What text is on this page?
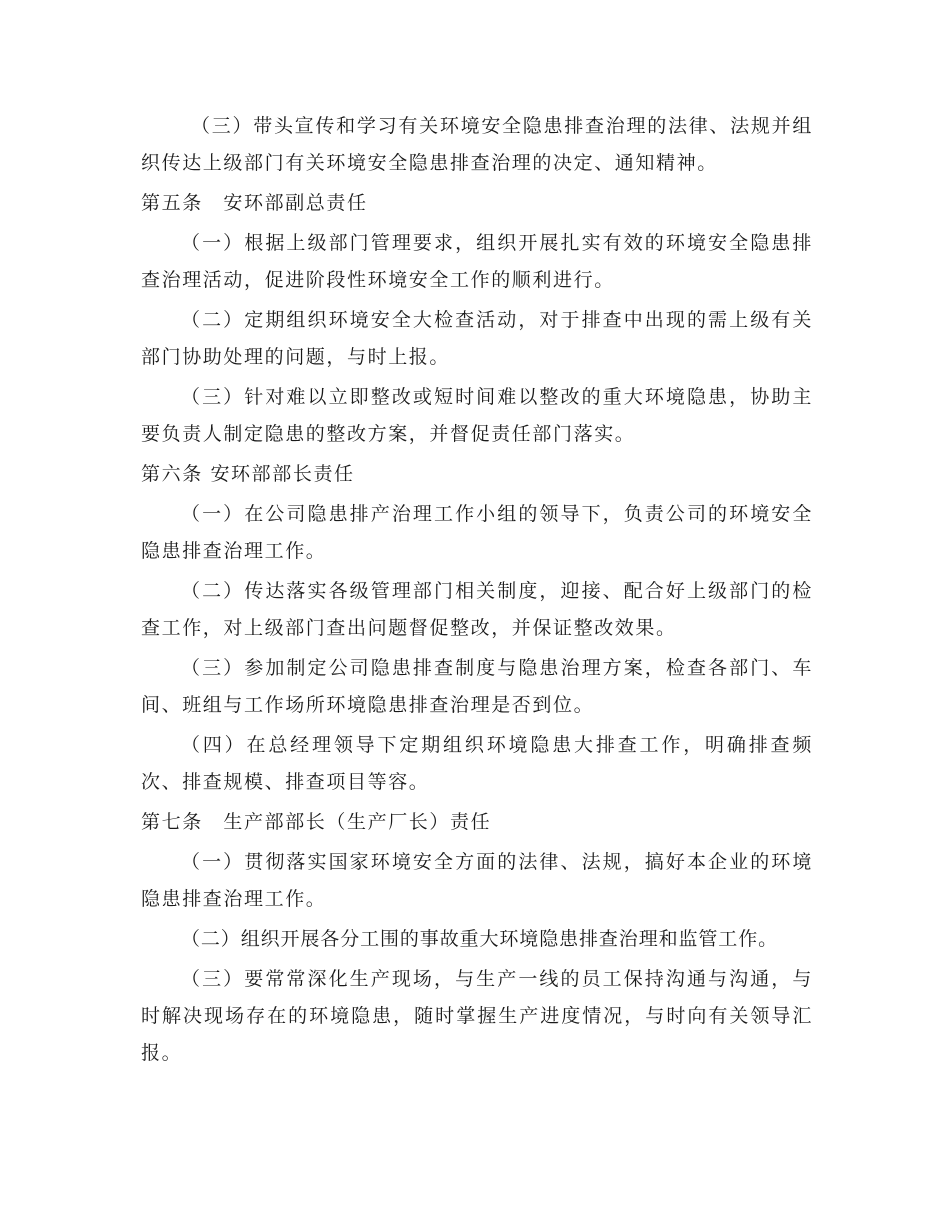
（三）带头宣传和学习有关环境安全隐患排查治理的法律、法规并组织传达上级部门有关环境安全隐患排查治理的决定、通知精神。

第五条　安环部副总责任

（一）根据上级部门管理要求，组织开展扎实有效的环境安全隐患排查治理活动，促进阶段性环境安全工作的顺利进行。

（二）定期组织环境安全大检查活动，对于排查中出现的需上级有关部门协助处理的问题，与时上报。

（三）针对难以立即整改或短时间难以整改的重大环境隐患，协助主要负责人制定隐患的整改方案，并督促责任部门落实。

第六条 安环部部长责任

（一）在公司隐患排产治理工作小组的领导下，负责公司的环境安全隐患排查治理工作。

（二）传达落实各级管理部门相关制度，迎接、配合好上级部门的检查工作，对上级部门查出问题督促整改，并保证整改效果。

（三）参加制定公司隐患排查制度与隐患治理方案，检查各部门、车间、班组与工作场所环境隐患排查治理是否到位。

（四）在总经理领导下定期组织环境隐患大排查工作，明确排查频次、排查规模、排查项目等容。

第七条　生产部部长（生产厂长）责任

（一）贯彻落实国家环境安全方面的法律、法规，搞好本企业的环境隐患排查治理工作。

（二）组织开展各分工围的事故重大环境隐患排查治理和监管工作。

（三）要常常深化生产现场，与生产一线的员工保持沟通与沟通，与时解决现场存在的环境隐患，随时掌握生产进度情况，与时向有关领导汇报。
